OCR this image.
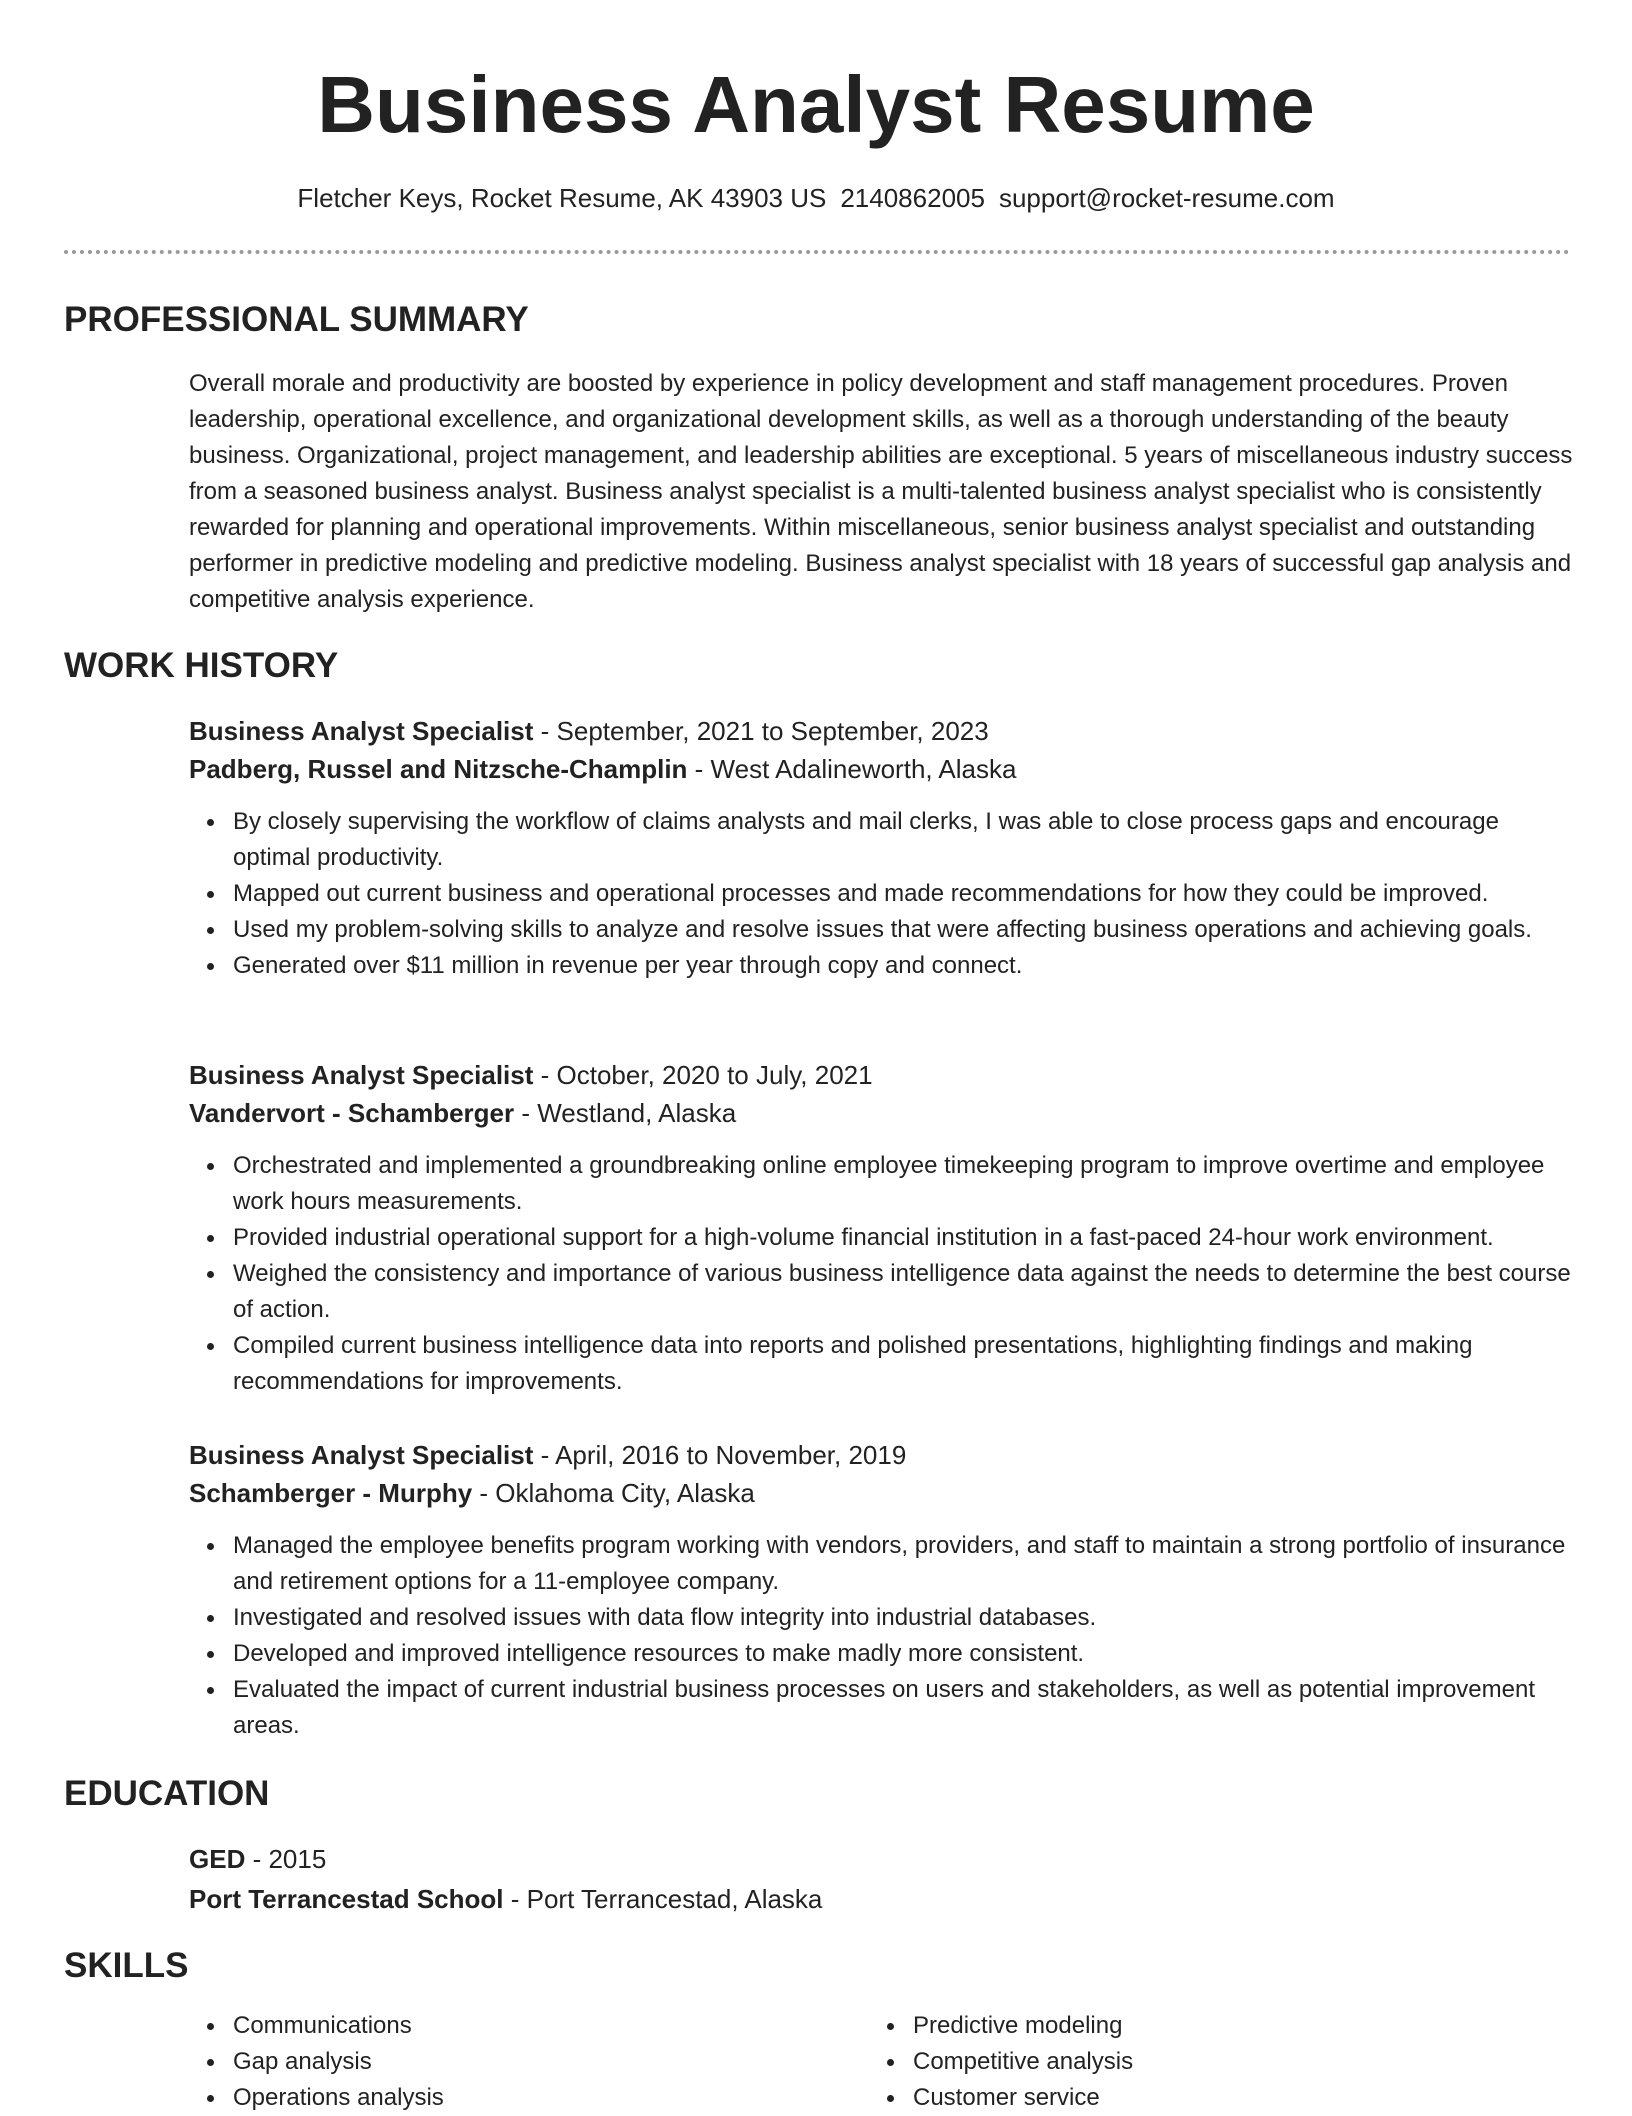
Business Analyst Resume
Fletcher Keys, Rocket Resume, AK 43903 US 2140862005 support@rocket-resume.com
PROFESSIONAL SUMMARY

Overall morale and productivity are boosted by experience in policy development and staff management procedures. Proven leadership, operational excellence, and organizational development skills, as well as a thorough understanding of the beauty business. Organizational, project management, and leadership abilities are exceptional. 5 years of miscellaneous industry success from a seasoned business analyst. Business analyst specialist is a multi-talented business analyst specialist who is consistently rewarded for planning and operational improvements. Within miscellaneous, senior business analyst specialist and outstanding performer in predictive modeling and predictive modeling. Business analyst specialist with 18 years of successful gap analysis and competitive analysis experience.

WORK HISTORY
Business Analyst Specialist - September, 2021 to September, 2023
Padberg, Russel and Nitzsche-Champlin - West Adalineworth, Alaska
By closely supervising the workflow of claims analysts and mail clerks, I was able to close process gaps and encourage optimal productivity.
Mapped out current business and operational processes and made recommendations for how they could be improved.
Used my problem-solving skills to analyze and resolve issues that were affecting business operations and achieving goals.
Generated over $11 million in revenue per year through copy and connect.
Business Analyst Specialist - October, 2020 to July, 2021
Vandervort - Schamberger - Westland, Alaska
Orchestrated and implemented a groundbreaking online employee timekeeping program to improve overtime and employee work hours measurements.
Provided industrial operational support for a high-volume financial institution in a fast-paced 24-hour work environment.
Weighed the consistency and importance of various business intelligence data against the needs to determine the best course of action.
Compiled current business intelligence data into reports and polished presentations, highlighting findings and making recommendations for improvements.
Business Analyst Specialist - April, 2016 to November, 2019
Schamberger - Murphy - Oklahoma City, Alaska
Managed the employee benefits program working with vendors, providers, and staff to maintain a strong portfolio of insurance and retirement options for a 11-employee company.
Investigated and resolved issues with data flow integrity into industrial databases.
Developed and improved intelligence resources to make madly more consistent.
Evaluated the impact of current industrial business processes on users and stakeholders, as well as potential improvement areas.
EDUCATION
GED - 2015
Port Terrancestad School - Port Terrancestad, Alaska
SKILLS
Communications
Gap analysis
Operations analysis
Predictive modeling
Competitive analysis
Customer service
